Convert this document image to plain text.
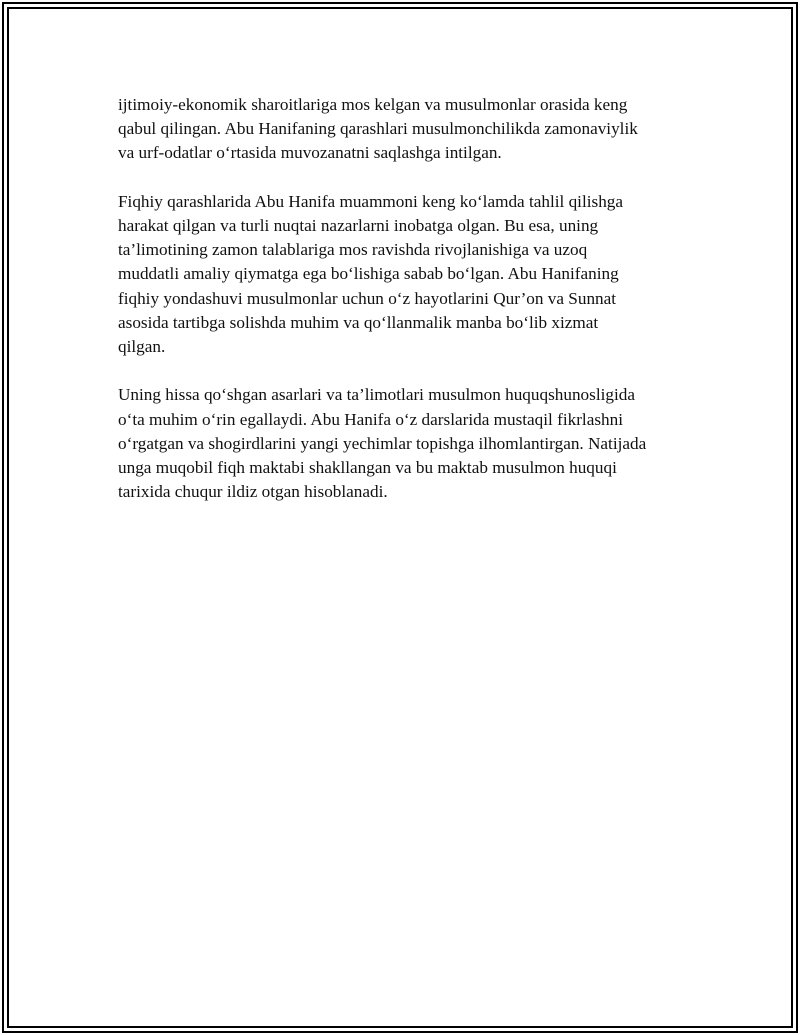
ijtimoiy-ekonomik sharoitlariga mos kelgan va musulmonlar orasida keng
qabul qilingan. Abu Hanifaning qarashlari musulmonchilikda zamonaviylik
va urf-odatlar o‘rtasida muvozanatni saqlashga intilgan.

Fiqhiy qarashlarida Abu Hanifa muammoni keng ko‘lamda tahlil qilishga
harakat qilgan va turli nuqtai nazarlarni inobatga olgan. Bu esa, uning
ta’limotining zamon talablariga mos ravishda rivojlanishiga va uzoq
muddatli amaliy qiymatga ega bo‘lishiga sabab bo‘lgan. Abu Hanifaning
fiqhiy yondashuvi musulmonlar uchun o‘z hayotlarini Qur’on va Sunnat
asosida tartibga solishda muhim va qo‘llanmalik manba bo‘lib xizmat
qilgan.

Uning hissa qo‘shgan asarlari va ta’limotlari musulmon huquqshunosligida
o‘ta muhim o‘rin egallaydi. Abu Hanifa o‘z darslarida mustaqil fikrlashni
o‘rgatgan va shogirdlarini yangi yechimlar topishga ilhomlantirgan. Natijada
unga muqobil fiqh maktabi shakllangan va bu maktab musulmon huquqi
tarixida chuqur ildiz otgan hisoblanadi.
